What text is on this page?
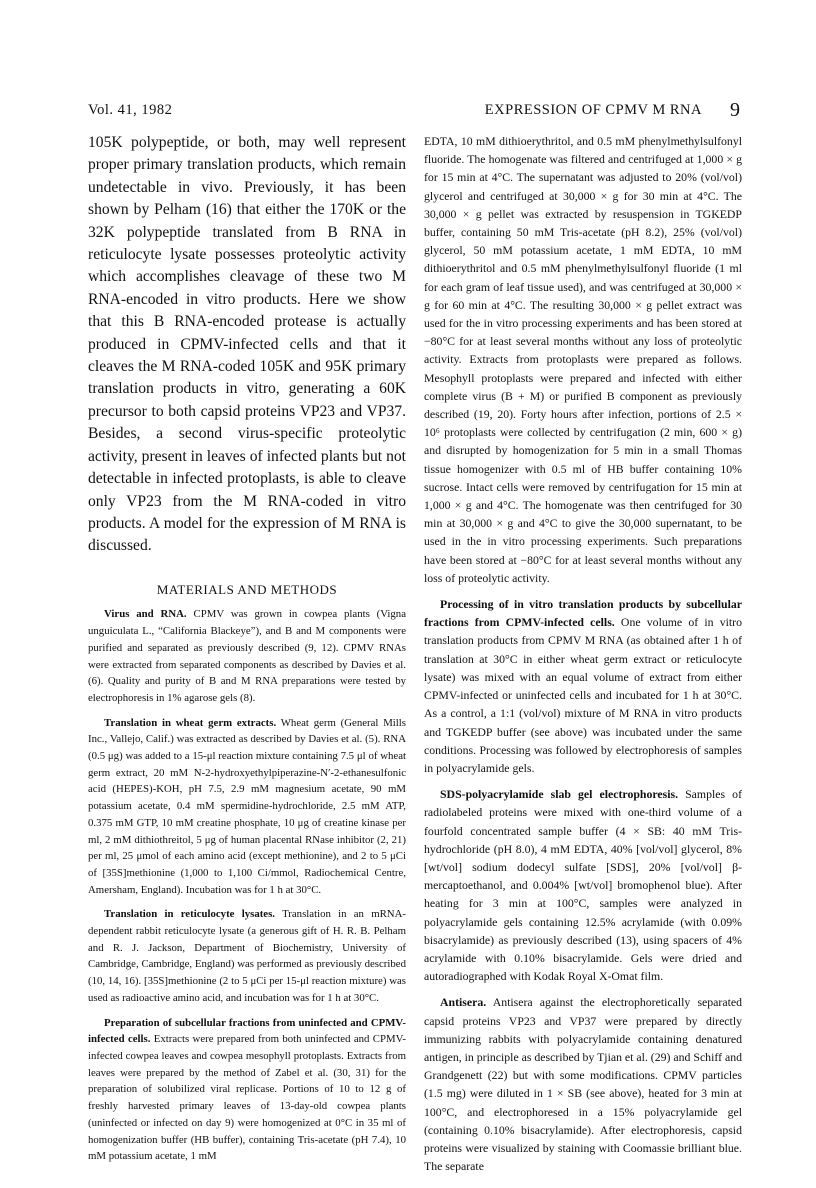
Vol. 41, 1982	EXPRESSION OF CPMV M RNA 9

105K polypeptide, or both, may well represent proper primary translation products, which remain undetectable in vivo. Previously, it has been shown by Pelham (16) that either the 170K or the 32K polypeptide translated from B RNA in reticulocyte lysate possesses proteolytic activity which accomplishes cleavage of these two M RNA-encoded in vitro products. Here we show that this B RNA-encoded protease is actually produced in CPMV-infected cells and that it cleaves the M RNA-coded 105K and 95K primary translation products in vitro, generating a 60K precursor to both capsid proteins VP23 and VP37. Besides, a second virus-specific proteolytic activity, present in leaves of infected plants but not detectable in infected protoplasts, is able to cleave only VP23 from the M RNA-coded in vitro products. A model for the expression of M RNA is discussed.

MATERIALS AND METHODS

Virus and RNA. CPMV was grown in cowpea plants (Vigna unguiculata L., “California Blackeye”), and B and M components were purified and separated as previously described (9, 12). CPMV RNAs were extracted from separated components as described by Davies et al. (6). Quality and purity of B and M RNA preparations were tested by electrophoresis in 1% agarose gels (8).

Translation in wheat germ extracts. Wheat germ (General Mills Inc., Vallejo, Calif.) was extracted as described by Davies et al. (5). RNA (0.5 μg) was added to a 15-μl reaction mixture containing 7.5 μl of wheat germ extract, 20 mM N-2-hydroxyethylpiperazine-N′-2-ethanesulfonic acid (HEPES)-KOH, pH 7.5, 2.9 mM magnesium acetate, 90 mM potassium acetate, 0.4 mM spermidine-hydrochloride, 2.5 mM ATP, 0.375 mM GTP, 10 mM creatine phosphate, 10 μg of creatine kinase per ml, 2 mM dithiothreitol, 5 μg of human placental RNase inhibitor (2, 21) per ml, 25 μmol of each amino acid (except methionine), and 2 to 5 μCi of [35S]methionine (1,000 to 1,100 Ci/mmol, Radiochemical Centre, Amersham, England). Incubation was for 1 h at 30°C.

Translation in reticulocyte lysates. Translation in an mRNA-dependent rabbit reticulocyte lysate (a generous gift of H. R. B. Pelham and R. J. Jackson, Department of Biochemistry, University of Cambridge, Cambridge, England) was performed as previously described (10, 14, 16). [35S]methionine (2 to 5 μCi per 15-μl reaction mixture) was used as radioactive amino acid, and incubation was for 1 h at 30°C.

Preparation of subcellular fractions from uninfected and CPMV-infected cells. Extracts were prepared from both uninfected and CPMV-infected cowpea leaves and cowpea mesophyll protoplasts. Extracts from leaves were prepared by the method of Zabel et al. (30, 31) for the preparation of solubilized viral replicase. Portions of 10 to 12 g of freshly harvested primary leaves of 13-day-old cowpea plants (uninfected or infected on day 9) were homogenized at 0°C in 35 ml of homogenization buffer (HB buffer), containing Tris-acetate (pH 7.4), 10 mM potassium acetate, 1 mM

EDTA, 10 mM dithioerythritol, and 0.5 mM phenylmethylsulfonyl fluoride. The homogenate was filtered and centrifuged at 1,000 × g for 15 min at 4°C. The supernatant was adjusted to 20% (vol/vol) glycerol and centrifuged at 30,000 × g for 30 min at 4°C. The 30,000 × g pellet was extracted by resuspension in TGKEDP buffer, containing 50 mM Tris-acetate (pH 8.2), 25% (vol/vol) glycerol, 50 mM potassium acetate, 1 mM EDTA, 10 mM dithioerythritol and 0.5 mM phenylmethylsulfonyl fluoride (1 ml for each gram of leaf tissue used), and was centrifuged at 30,000 × g for 60 min at 4°C. The resulting 30,000 × g pellet extract was used for the in vitro processing experiments and has been stored at −80°C for at least several months without any loss of proteolytic activity. Extracts from protoplasts were prepared as follows. Mesophyll protoplasts were prepared and infected with either complete virus (B + M) or purified B component as previously described (19, 20). Forty hours after infection, portions of 2.5 × 10⁶ protoplasts were collected by centrifugation (2 min, 600 × g) and disrupted by homogenization for 5 min in a small Thomas tissue homogenizer with 0.5 ml of HB buffer containing 10% sucrose. Intact cells were removed by centrifugation for 15 min at 1,000 × g and 4°C. The homogenate was then centrifuged for 30 min at 30,000 × g and 4°C to give the 30,000 supernatant, to be used in the in vitro processing experiments. Such preparations have been stored at −80°C for at least several months without any loss of proteolytic activity.

Processing of in vitro translation products by subcellular fractions from CPMV-infected cells. One volume of in vitro translation products from CPMV M RNA (as obtained after 1 h of translation at 30°C in either wheat germ extract or reticulocyte lysate) was mixed with an equal volume of extract from either CPMV-infected or uninfected cells and incubated for 1 h at 30°C. As a control, a 1:1 (vol/vol) mixture of M RNA in vitro products and TGKEDP buffer (see above) was incubated under the same conditions. Processing was followed by electrophoresis of samples in polyacrylamide gels.

SDS-polyacrylamide slab gel electrophoresis. Samples of radiolabeled proteins were mixed with one-third volume of a fourfold concentrated sample buffer (4 × SB: 40 mM Tris-hydrochloride (pH 8.0), 4 mM EDTA, 40% [vol/vol] glycerol, 8% [wt/vol] sodium dodecyl sulfate [SDS], 20% [vol/vol] β-mercaptoethanol, and 0.004% [wt/vol] bromophenol blue). After heating for 3 min at 100°C, samples were analyzed in polyacrylamide gels containing 12.5% acrylamide (with 0.09% bisacrylamide) as previously described (13), using spacers of 4% acrylamide with 0.10% bisacrylamide. Gels were dried and autoradiographed with Kodak Royal X-Omat film.

Antisera. Antisera against the electrophoretically separated capsid proteins VP23 and VP37 were prepared by directly immunizing rabbits with polyacrylamide containing denatured antigen, in principle as described by Tjian et al. (29) and Schiff and Grandgenett (22) but with some modifications. CPMV particles (1.5 mg) were diluted in 1 × SB (see above), heated for 3 min at 100°C, and electrophoresed in a 15% polyacrylamide gel (containing 0.10% bisacrylamide). After electrophoresis, capsid proteins were visualized by staining with Coomassie brilliant blue. The separate
